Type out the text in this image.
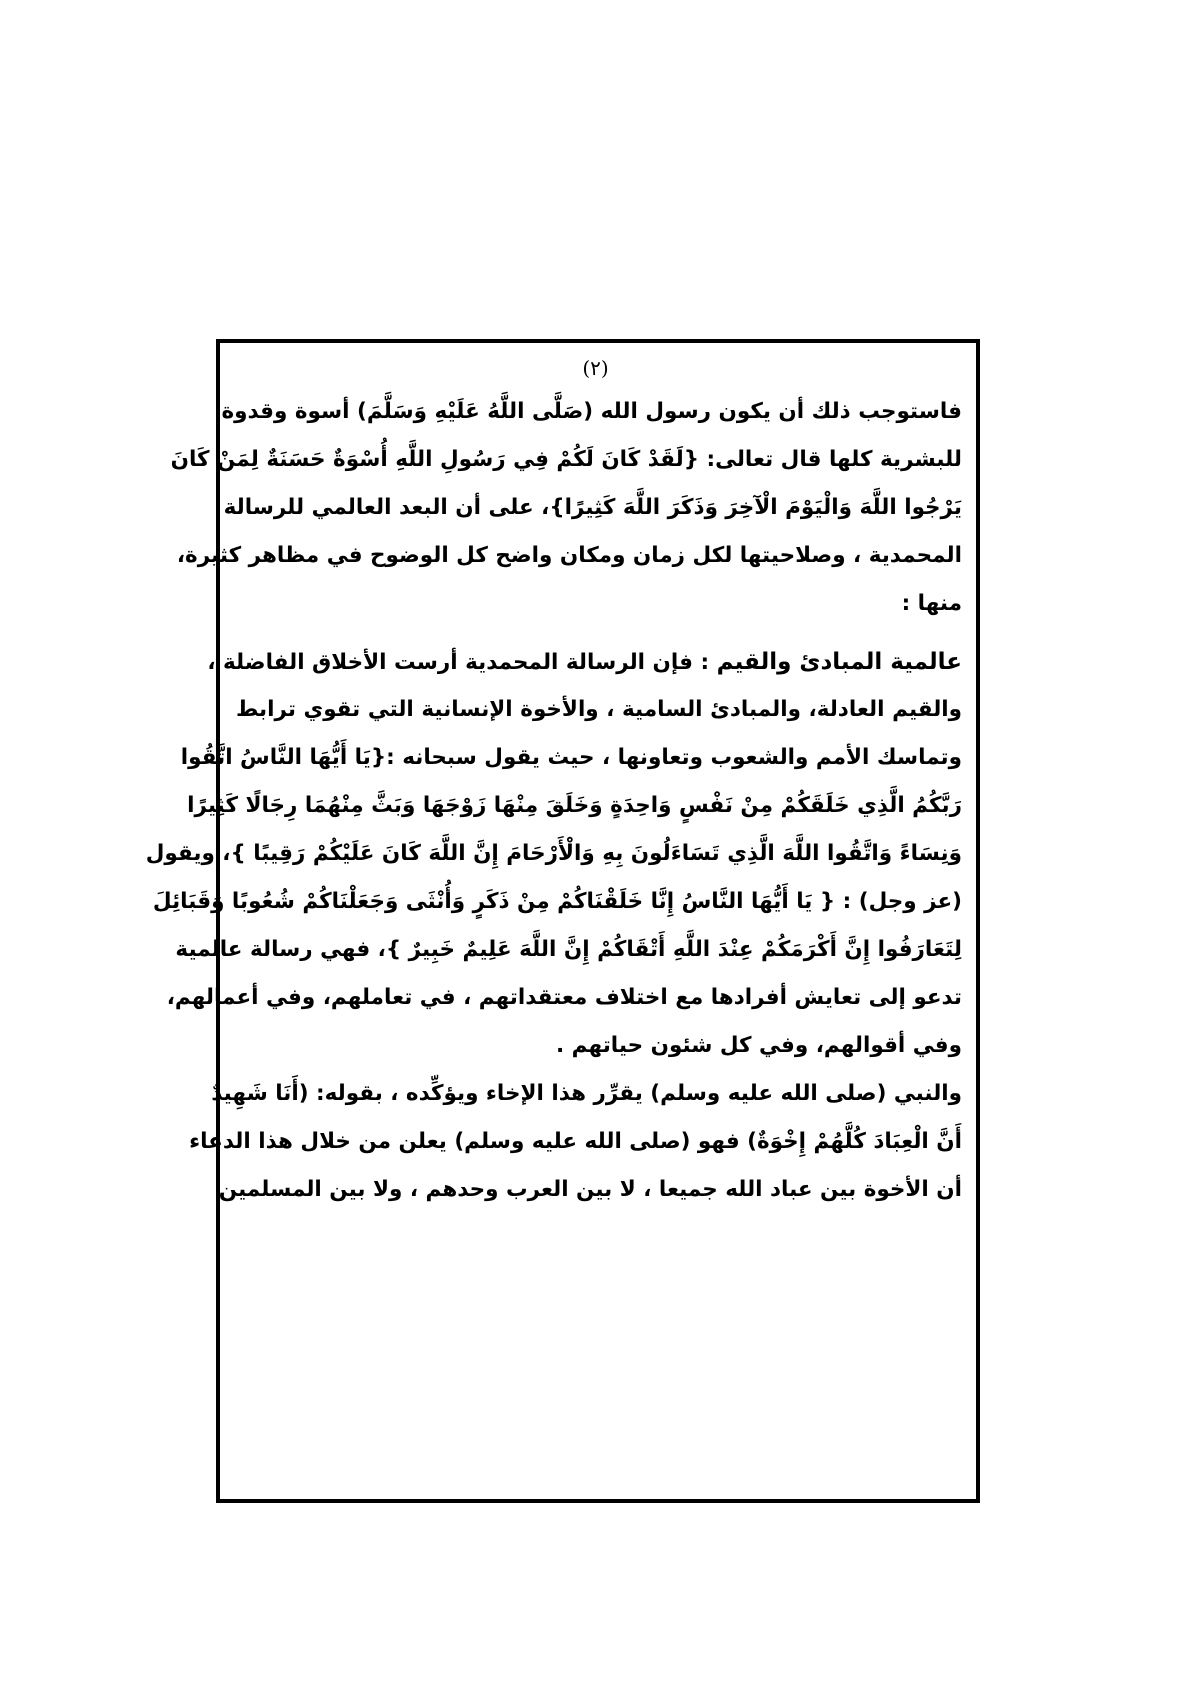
(٢)
فاستوجب ذلك أن يكون رسول الله (صَلَّى اللَّهُ عَلَيْهِ وَسَلَّمَ) أسوة وقدوة
للبشرية كلها قال تعالى: {لَقَدْ كَانَ لَكُمْ فِي رَسُولِ اللَّهِ أُسْوَةٌ حَسَنَةٌ لِمَنْ كَانَ
يَرْجُوا اللَّهَ وَالْيَوْمَ الْآخِرَ وَذَكَرَ اللَّهَ كَثِيرًا}، على أن البعد العالمي للرسالة
المحمدية ، وصلاحيتها لكل زمان ومكان واضح كل الوضوح في مظاهر كثيرة،
منها :
عالمية المبادئ والقيم : فإن الرسالة المحمدية أرست الأخلاق الفاضلة ،
والقيم العادلة، والمبادئ السامية ، والأخوة الإنسانية التي تقوي ترابط
وتماسك الأمم والشعوب وتعاونها ، حيث يقول سبحانه :{يَا أَيُّهَا النَّاسُ اتَّقُوا
رَبَّكُمُ الَّذِي خَلَقَكُمْ مِنْ نَفْسٍ وَاحِدَةٍ وَخَلَقَ مِنْهَا زَوْجَهَا وَبَثَّ مِنْهُمَا رِجَالًا كَثِيرًا
وَنِسَاءً وَاتَّقُوا اللَّهَ الَّذِي تَسَاءَلُونَ بِهِ وَالْأَرْحَامَ إِنَّ اللَّهَ كَانَ عَلَيْكُمْ رَقِيبًا }، ويقول
(عز وجل) : { يَا أَيُّهَا النَّاسُ إِنَّا خَلَقْنَاكُمْ مِنْ ذَكَرٍ وَأُنْثَى وَجَعَلْنَاكُمْ شُعُوبًا وَقَبَائِلَ
لِتَعَارَفُوا إِنَّ أَكْرَمَكُمْ عِنْدَ اللَّهِ أَتْقَاكُمْ إِنَّ اللَّهَ عَلِيمٌ خَبِيرٌ }، فهي رسالة عالمية
تدعو إلى تعايش أفرادها مع اختلاف معتقداتهم ، في تعاملهم، وفي أعمالهم،
وفي أقوالهم، وفي كل شئون حياتهم .
والنبي (صلى الله عليه وسلم) يقرِّر هذا الإخاء ويؤكِّده ، بقوله: (أَنَا شَهِيدٌ
أَنَّ الْعِبَادَ كُلَّهُمْ إِخْوَةٌ) فهو (صلى الله عليه وسلم) يعلن من خلال هذا الدعاء
أن الأخوة بين عباد الله جميعا ، لا بين العرب وحدهم ، ولا بين المسلمين
